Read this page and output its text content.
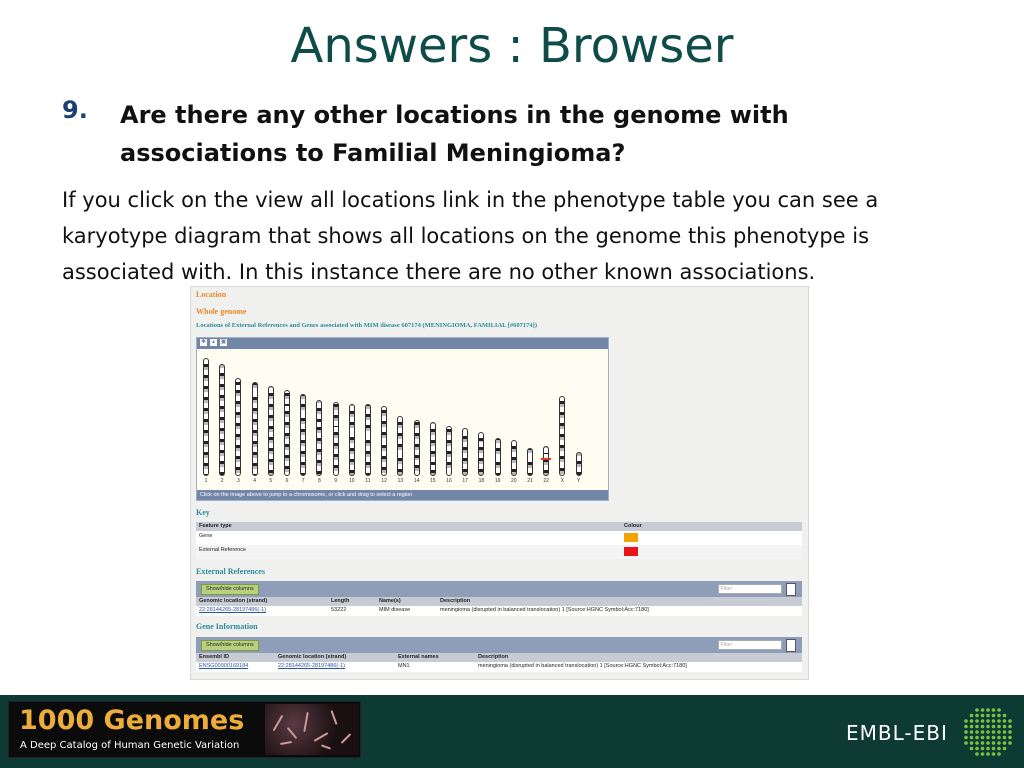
Answers : Browser
9. Are there any other locations in the genome with
associations to Familial Meningioma?
If you click on the view all locations link in the phenotype table you can see a karyotype diagram that shows all locations on the genome this phenotype is associated with. In this instance there are no other known associations.
Location
Whole genome
Locations of External References and Genes associated with MIM disease 607174 (MENINGIOMA, FAMILIAL [#607174])
✱ ▴ ▣
1	2	3	4	5	6	7	8	9	10	11	12	13	14	15	16	17	18	19	20	21	22	X	Y
Click on the image above to jump to a chromosome, or click and drag to select a region
Key
Feature type	Colour
Gene
External Reference
External References
Show/hide columns	Filter
Genomic location (strand)	Length	Name(s)	Description
22:28144265-28197486(-1)	53222	MIM disease	meningioma (disrupted in balanced translocation) 1 [Source:HGNC Symbol;Acc:7180]
Gene Information
Show/hide columns	Filter
Ensembl ID	Genomic location (strand)	External names	Description
ENSG00000169184	22:28144265-28197486(-1)	MN1	meningioma (disrupted in balanced translocation) 1 [Source:HGNC Symbol;Acc:7180]
1000 Genomes
A Deep Catalog of Human Genetic Variation
EMBL-EBI
